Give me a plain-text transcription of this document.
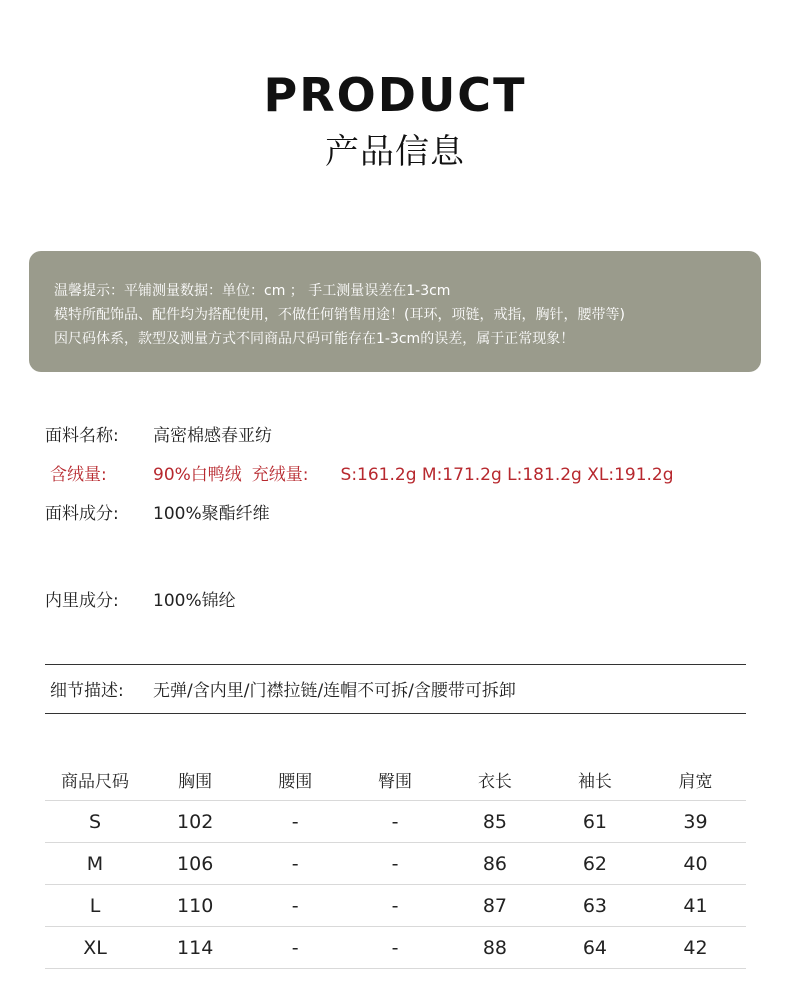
PRODUCT
产品信息
温馨提示：平铺测量数据：单位：cm ； 手工测量误差在1-3cm
模特所配饰品、配件均为搭配使用，不做任何销售用途！(耳环，项链，戒指，胸针，腰带等)
因尺码体系，款型及测量方式不同商品尺码可能存在1-3cm的误差，属于正常现象！
面料名称: 高密棉感春亚纺
含绒量:	90%白鸭绒 充绒量: S:161.2g M:171.2g L:181.2g XL:191.2g
面料成分: 100%聚酯纤维
内里成分: 100%锦纶
细节描述: 无弹/含内里/门襟拉链/连帽不可拆/含腰带可拆卸
商品尺码	胸围	腰围	臀围	衣长	袖长	肩宽
S	102	-	-	85	61	39
M	106	-	-	86	62	40
L	110	-	-	87	63	41
XL	114	-	-	88	64	42
